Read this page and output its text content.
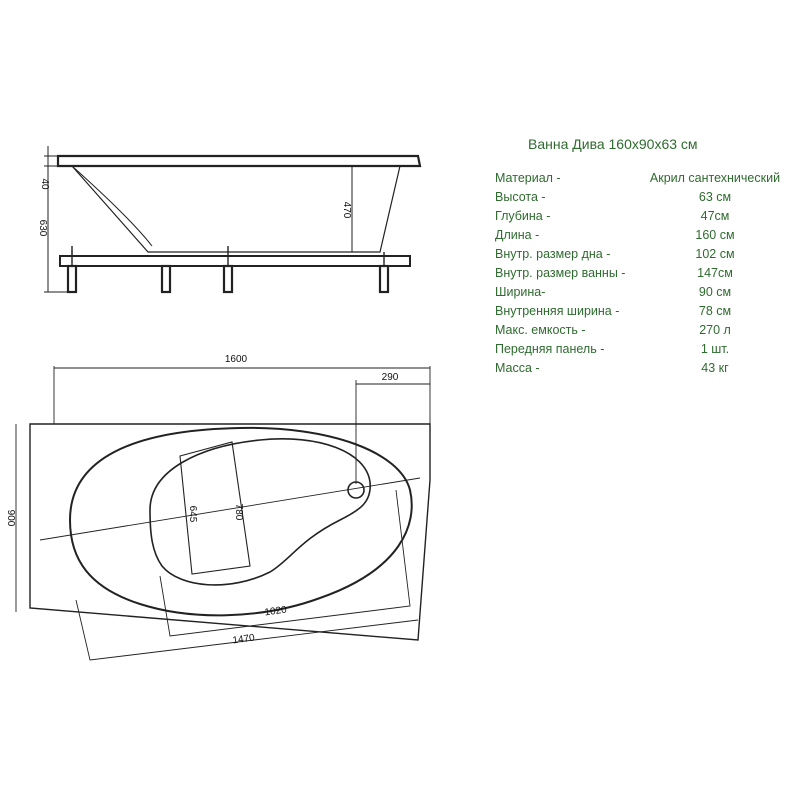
630
40
470
1600
290
900	645	780
1020
1470
Ванна Дива 160х90х63 см
Материал -	Акрил сантехнический
Высота -	63 см
Глубина -	47см
Длина -	160 см
Внутр. размер дна -	102 см
Внутр. размер ванны -	147см
Ширина-	90 см
Внутренняя ширина -	78 см
Макс. емкость -	270 л
Передняя панель -	1 шт.
Масса -	43 кг
